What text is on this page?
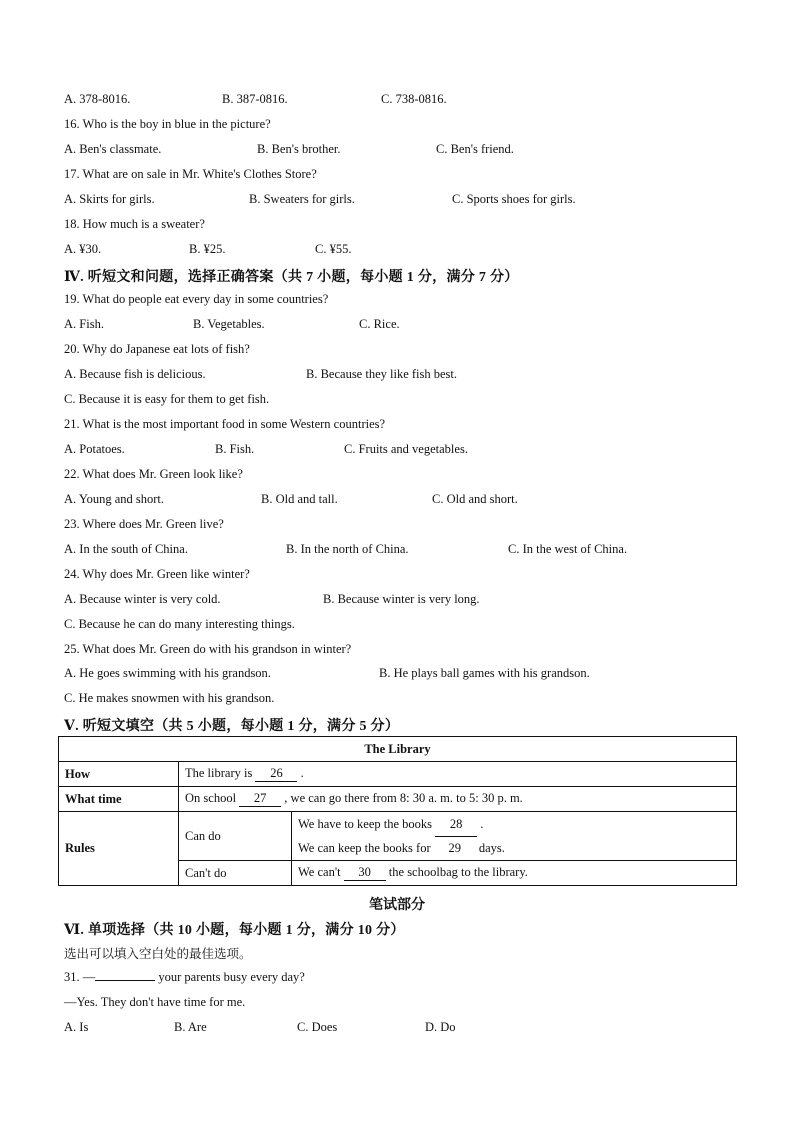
A. 378-8016.	B. 387-0816.	C. 738-0816.
16. Who is the boy in blue in the picture?
A. Ben's classmate.	B. Ben's brother.	C. Ben's friend.
17. What are on sale in Mr. White's Clothes Store?
A. Skirts for girls.	B. Sweaters for girls.	C. Sports shoes for girls.
18. How much is a sweater?
A. ¥30.	B. ¥25.	C. ¥55.
Ⅳ. 听短文和问题，选择正确答案（共 7 小题，每小题 1 分，满分 7 分）
19. What do people eat every day in some countries?
A. Fish.	B. Vegetables.	C. Rice.
20. Why do Japanese eat lots of fish?
A. Because fish is delicious.	B. Because they like fish best.
C. Because it is easy for them to get fish.
21. What is the most important food in some Western countries?
A. Potatoes.	B. Fish.	C. Fruits and vegetables.
22. What does Mr. Green look like?
A. Young and short.	B. Old and tall.	C. Old and short.
23. Where does Mr. Green live?
A. In the south of China.	B. In the north of China.	C. In the west of China.
24. Why does Mr. Green like winter?
A. Because winter is very cold.	B. Because winter is very long.
C. Because he can do many interesting things.
25. What does Mr. Green do with his grandson in winter?
A. He goes swimming with his grandson.	B. He plays ball games with his grandson.
C. He makes snowmen with his grandson.
Ⅴ. 听短文填空（共 5 小题，每小题 1 分，满分 5 分）
The Library		
How	The library is 26 .	
What time	On school 27 , we can go there from 8: 30 a. m. to 5: 30 p. m.	
Rules	Can do	We have to keep the books 28 .
We can keep the books for 29 days.

	Can't do	We can't 30 the schoolbag to the library.
笔试部分
Ⅵ. 单项选择（共 10 小题，每小题 1 分，满分 10 分）
选出可以填入空白处的最佳选项。
31. —	your parents busy every day?
—Yes. They don't have time for me.
A. Is	B. Are	C. Does	D. Do
